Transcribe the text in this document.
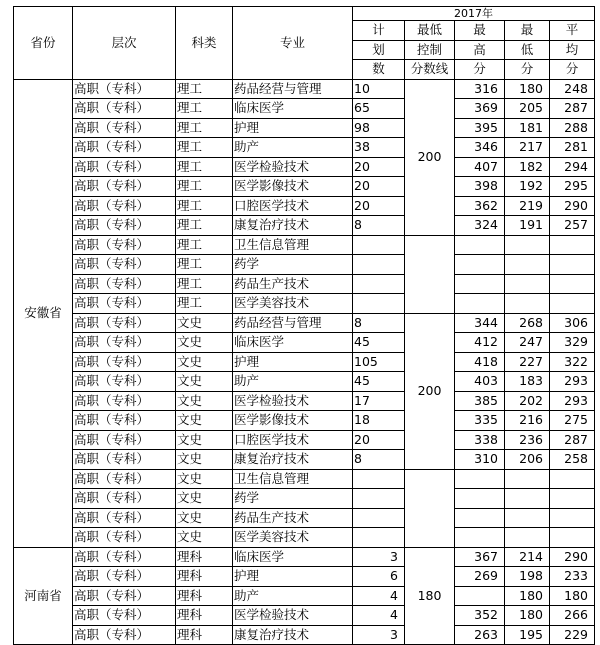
省份	层次	科类	专业	2017年				
				计	最低	最	最	平
				划	控制	高	低	均
				数	分数线	分	分	分
安徽省	高职（专科）	理工	药品经营与管理	10	200	316	180	248
	高职（专科）	理工	临床医学	65		369	205	287
	高职（专科）	理工	护理	98		395	181	288
	高职（专科）	理工	助产	38		346	217	281
	高职（专科）	理工	医学检验技术	20		407	182	294
	高职（专科）	理工	医学影像技术	20		398	192	295
	高职（专科）	理工	口腔医学技术	20		362	219	290
	高职（专科）	理工	康复治疗技术	8		324	191	257
	高职（专科）	理工	卫生信息管理					
	高职（专科）	理工	药学					
	高职（专科）	理工	药品生产技术					
	高职（专科）	理工	医学美容技术					
	高职（专科）	文史	药品经营与管理	8	200	344	268	306
	高职（专科）	文史	临床医学	45		412	247	329
	高职（专科）	文史	护理	105		418	227	322
	高职（专科）	文史	助产	45		403	183	293
	高职（专科）	文史	医学检验技术	17		385	202	293
	高职（专科）	文史	医学影像技术	18		335	216	275
	高职（专科）	文史	口腔医学技术	20		338	236	287
	高职（专科）	文史	康复治疗技术	8		310	206	258
	高职（专科）	文史	卫生信息管理					
	高职（专科）	文史	药学					
	高职（专科）	文史	药品生产技术					
	高职（专科）	文史	医学美容技术					
河南省	高职（专科）	理科	临床医学	3	180	367	214	290
	高职（专科）	理科	护理	6		269	198	233
	高职（专科）	理科	助产	4			180	180
	高职（专科）	理科	医学检验技术	4		352	180	266
	高职（专科）	理科	康复治疗技术	3		263	195	229
